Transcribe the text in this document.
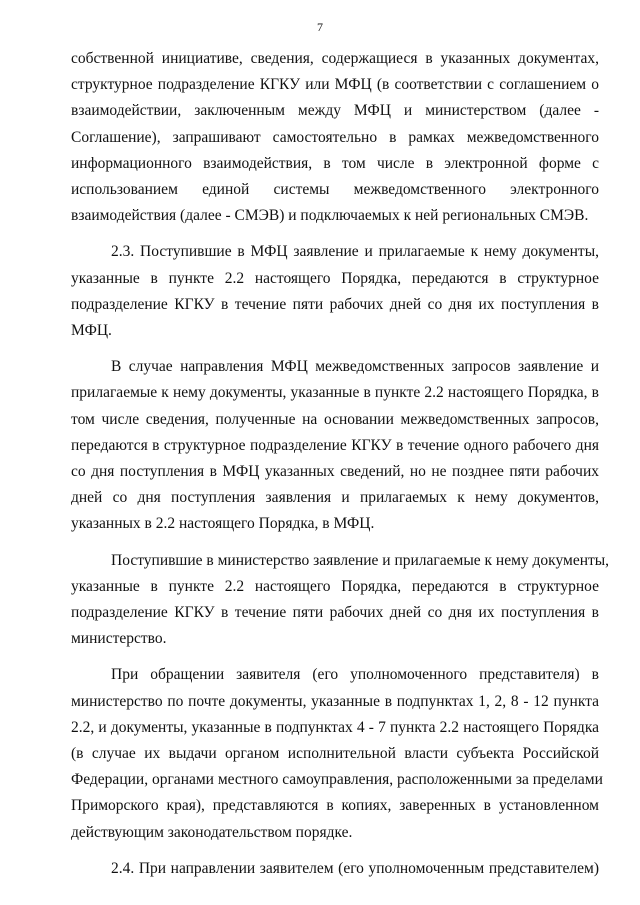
7
собственной инициативе, сведения, содержащиеся в указанных документах,
структурное подразделение КГКУ или МФЦ (в соответствии с соглашением о
взаимодействии, заключенным между МФЦ и министерством (далее -
Соглашение), запрашивают самостоятельно в рамках межведомственного
информационного взаимодействия, в том числе в электронной форме с
использованием единой системы межведомственного электронного
взаимодействия (далее - СМЭВ) и подключаемых к ней региональных СМЭВ.
2.3. Поступившие в МФЦ заявление и прилагаемые к нему документы,
указанные в пункте 2.2 настоящего Порядка, передаются в структурное
подразделение КГКУ в течение пяти рабочих дней со дня их поступления в
МФЦ.
В случае направления МФЦ межведомственных запросов заявление и
прилагаемые к нему документы, указанные в пункте 2.2 настоящего Порядка, в
том числе сведения, полученные на основании межведомственных запросов,
передаются в структурное подразделение КГКУ в течение одного рабочего дня
со дня поступления в МФЦ указанных сведений, но не позднее пяти рабочих
дней со дня поступления заявления и прилагаемых к нему документов,
указанных в 2.2 настоящего Порядка, в МФЦ.
Поступившие в министерство заявление и прилагаемые к нему документы,
указанные в пункте 2.2 настоящего Порядка, передаются в структурное
подразделение КГКУ в течение пяти рабочих дней со дня их поступления в
министерство.
При обращении заявителя (его уполномоченного представителя) в
министерство по почте документы, указанные в подпунктах 1, 2, 8 - 12 пункта
2.2, и документы, указанные в подпунктах 4 - 7 пункта 2.2 настоящего Порядка
(в случае их выдачи органом исполнительной власти субъекта Российской
Федерации, органами местного самоуправления, расположенными за пределами
Приморского края), представляются в копиях, заверенных в установленном
действующим законодательством порядке.
2.4. При направлении заявителем (его уполномоченным представителем)
